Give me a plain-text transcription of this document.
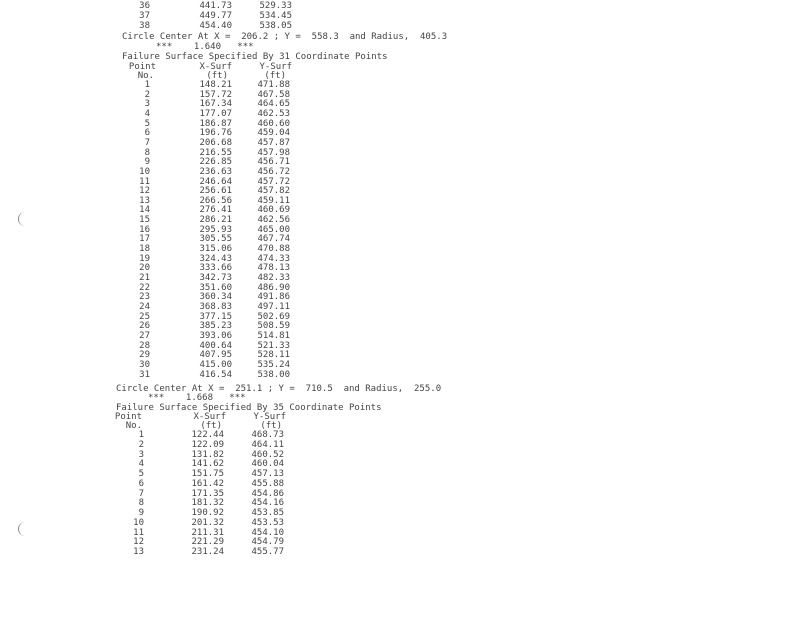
36	441.73	529.33
37	449.77	534.45
38	454.40	538.05
Circle Center At X =  206.2 ; Y =  558.3  and Radius,  405.3
***    1.640   ***
Failure Surface Specified By 31 Coordinate Points
Point	X-Surf	Y-Surf
No.	(ft)	(ft)
1	148.21	471.88
2	157.72	467.58
3	167.34	464.65
4	177.07	462.53
5	186.87	460.60
6	196.76	459.04
7	206.68	457.87
8	216.55	457.98
9	226.85	456.71
10	236.63	456.72
11	246.64	457.72
12	256.61	457.82
13	266.56	459.11
14	276.41	460.69
15	286.21	462.56
16	295.93	465.00
17	305.55	467.74
18	315.06	470.88
19	324.43	474.33
20	333.66	478.13
21	342.73	482.33
22	351.60	486.90
23	360.34	491.86
24	368.83	497.11
25	377.15	502.69
26	385.23	508.59
27	393.06	514.81
28	400.64	521.33
29	407.95	528.11
30	415.00	535.24
31	416.54	538.00
Circle Center At X =  251.1 ; Y =  710.5  and Radius,  255.0
***    1.668   ***
Failure Surface Specified By 35 Coordinate Points
Point	X-Surf	Y-Surf
No.	(ft)	(ft)
1	122.44	468.73
2	122.09	464.11
3	131.82	460.52
4	141.62	460.04
5	151.75	457.13
6	161.42	455.88
7	171.35	454.86
8	181.32	454.16
9	190.92	453.85
10	201.32	453.53
11	211.31	454.10
12	221.29	454.79
13	231.24	455.77
